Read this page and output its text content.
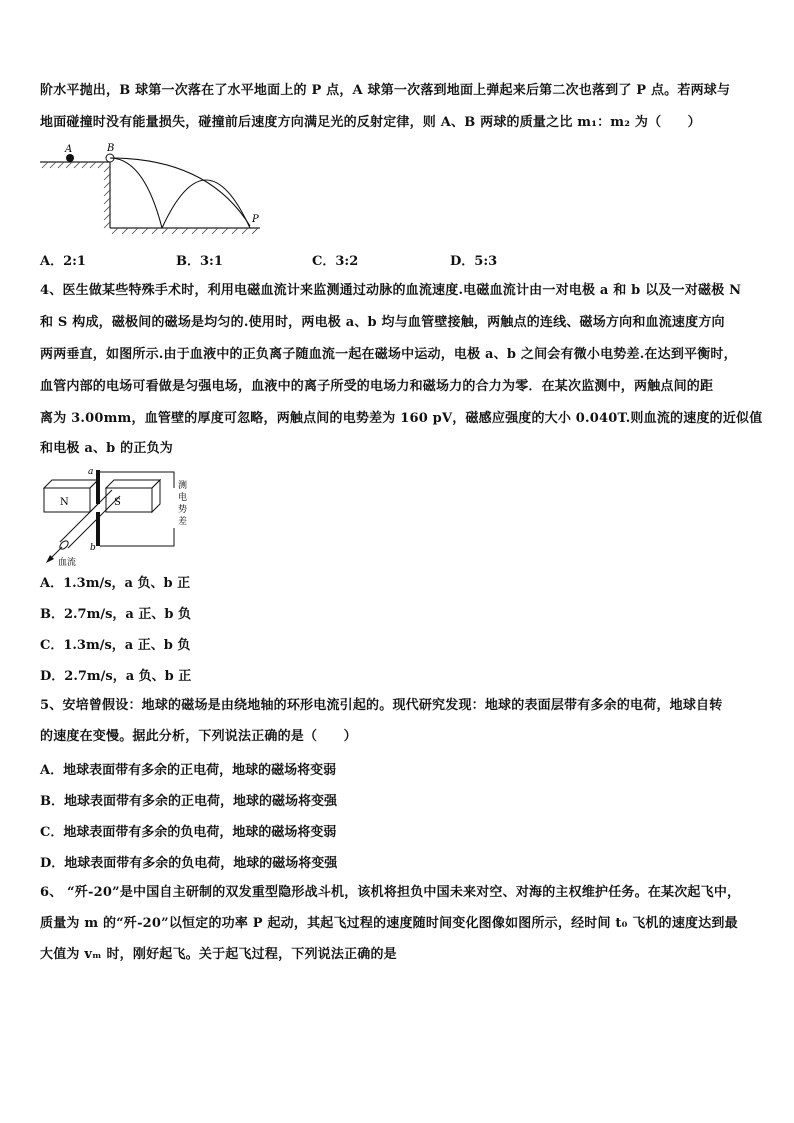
阶水平抛出，B 球第一次落在了水平地面上的 P 点，A 球第一次落到地面上弹起来后第二次也落到了 P 点。若两球与
地面碰撞时没有能量损失，碰撞前后速度方向满足光的反射定律，则 A、B 两球的质量之比 m₁：m₂ 为（　　）
A	B
P
A．2:1	B．3:1	C．3:2	D．5:3
4、医生做某些特殊手术时，利用电磁血流计来监测通过动脉的血流速度.电磁血流计由一对电极 a 和 b 以及一对磁极 N
和 S 构成，磁极间的磁场是均匀的.使用时，两电极 a、b 均与血管壁接触，两触点的连线、磁场方向和血流速度方向
两两垂直，如图所示.由于血液中的正负离子随血流一起在磁场中运动，电极 a、b 之间会有微小电势差.在达到平衡时，
血管内部的电场可看做是匀强电场，血液中的离子所受的电场力和磁场力的合力为零．在某次监测中，两触点间的距
离为 3.00mm，血管壁的厚度可忽略，两触点间的电势差为 160 pV，磁感应强度的大小 0.040T.则血流的速度的近似值
和电极 a、b 的正负为
N	S
a
b
血流
测
电
势
差
A．1.3m/s，a 负、b 正
B．2.7m/s，a 正、b 负
C．1.3m/s，a 正、b 负
D．2.7m/s，a 负、b 正
5、安培曾假设：地球的磁场是由绕地轴的环形电流引起的。现代研究发现：地球的表面层带有多余的电荷，地球自转
的速度在变慢。据此分析，下列说法正确的是（　　）
A．地球表面带有多余的正电荷，地球的磁场将变弱
B．地球表面带有多余的正电荷，地球的磁场将变强
C．地球表面带有多余的负电荷，地球的磁场将变弱
D．地球表面带有多余的负电荷，地球的磁场将变强
6、 “歼-20”是中国自主研制的双发重型隐形战斗机，该机将担负中国未来对空、对海的主权维护任务。在某次起飞中，
质量为 m 的“歼-20”以恒定的功率 P 起动，其起飞过程的速度随时间变化图像如图所示，经时间 t₀ 飞机的速度达到最
大值为 vₘ 时，刚好起飞。关于起飞过程，下列说法正确的是
